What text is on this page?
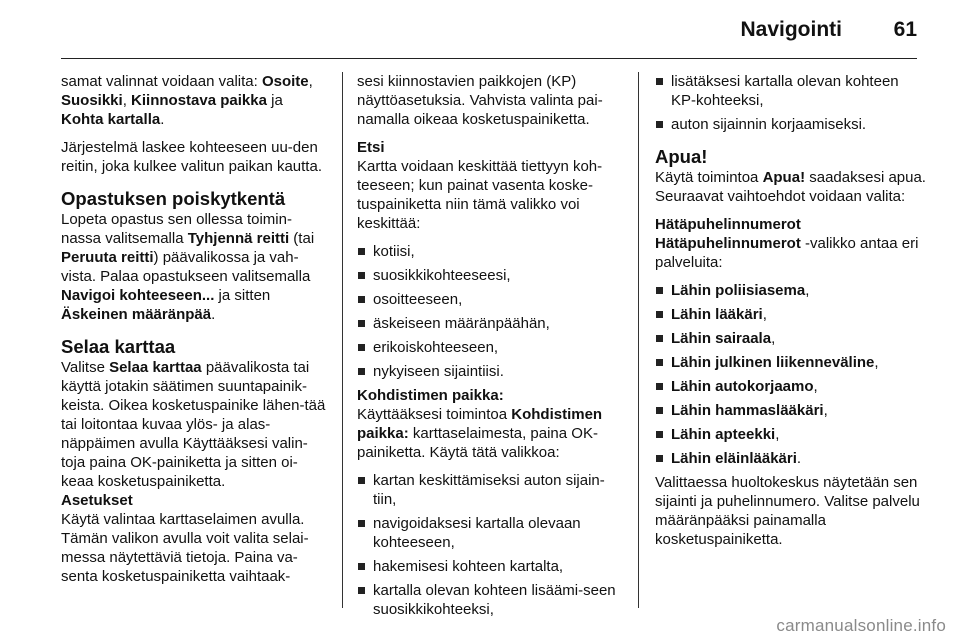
Navigointi 61

samat valinnat voidaan valita: Osoite, Suosikki, Kiinnostava paikka ja Kohta kartalla.

Järjestelmä laskee kohteeseen uu-den reitin, joka kulkee valitun paikan kautta.

Opastuksen poiskytkentä

Lopeta opastus sen ollessa toimin-nassa valitsemalla Tyhjennä reitti (tai Peruuta reitti) päävalikossa ja vah-vista. Palaa opastukseen valitsemalla Navigoi kohteeseen... ja sitten Äskeinen määränpää.

Selaa karttaa

Valitse Selaa karttaa päävalikosta tai käyttä jotakin säätimen suuntapainik-keista. Oikea kosketuspainike lähen-tää tai loitontaa kuvaa ylös- ja alas-näppäimen avulla Käyttääksesi valin-toja paina OK-painiketta ja sitten oi-keaa kosketuspainiketta.

Asetukset

Käytä valintaa karttaselaimen avulla. Tämän valikon avulla voit valita selai-messa näytettäviä tietoja. Paina va-senta kosketuspainiketta vaihtaak-

sesi kiinnostavien paikkojen (KP) näyttöasetuksia. Vahvista valinta pai-namalla oikeaa kosketuspainiketta.

Etsi

Kartta voidaan keskittää tiettyyn koh-teeseen; kun painat vasenta koske-tuspainiketta niin tämä valikko voi keskittää:

kotiisi,
suosikkikohteeseesi,
osoitteeseen,
äskeiseen määränpäähän,
erikoiskohteeseen,
nykyiseen sijaintiisi.
Kohdistimen paikka:

Käyttääksesi toimintoa Kohdistimen paikka: karttaselaimesta, paina OK-painiketta. Käytä tätä valikkoa:

kartan keskittämiseksi auton sijain-tiin,
navigoidaksesi kartalla olevaan kohteeseen,
hakemisesi kohteen kartalta,
kartalla olevan kohteen lisäämi-seen suosikkikohteeksi,
lisätäksesi kartalla olevan kohteen KP-kohteeksi,
auton sijainnin korjaamiseksi.
Apua!

Käytä toimintoa Apua! saadaksesi apua. Seuraavat vaihtoehdot voidaan valita:

Hätäpuhelinnumerot

Hätäpuhelinnumerot -valikko antaa eri palveluita:

Lähin poliisiasema,
Lähin lääkäri,
Lähin sairaala,
Lähin julkinen liikenneväline,
Lähin autokorjaamo,
Lähin hammaslääkäri,
Lähin apteekki,
Lähin eläinlääkäri.

Valittaessa huoltokeskus näytetään sen sijainti ja puhelinnumero. Valitse palvelu määränpääksi painamalla kosketuspainiketta.

carmanualsonline.info
